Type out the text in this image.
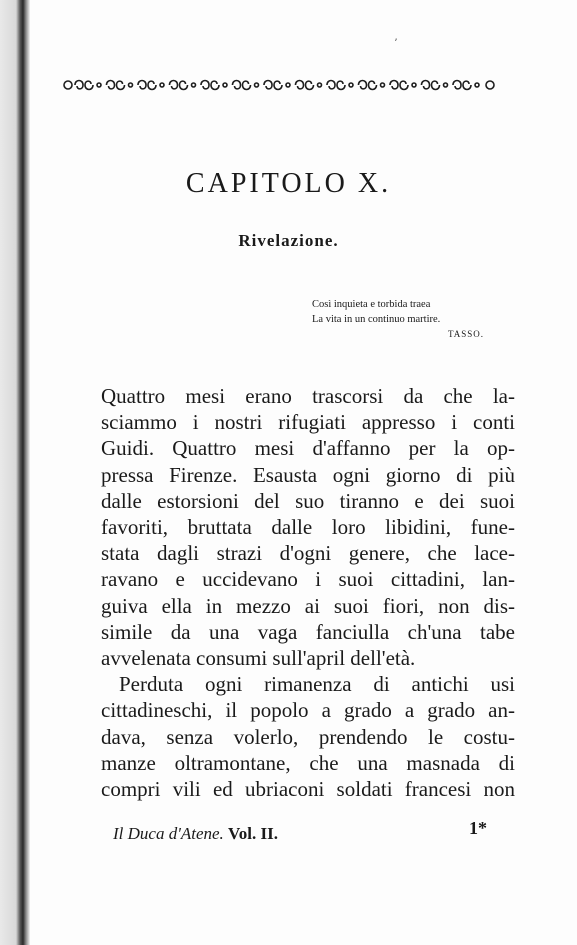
ʼ
CAPITOLO X.
Rivelazione.
Così inquieta e torbida traea
La vita in un continuo martire.
TASSO.
Quattro mesi erano trascorsi da che la-
sciammo i nostri rifugiati appresso i conti
Guidi. Quattro mesi d'affanno per la op-
pressa Firenze. Esausta ogni giorno di più
dalle estorsioni del suo tiranno e dei suoi
favoriti, bruttata dalle loro libidini, fune-
stata dagli strazi d'ogni genere, che lace-
ravano e uccidevano i suoi cittadini, lan-
guiva ella in mezzo ai suoi fiori, non dis-
simile da una vaga fanciulla ch'una tabe
avvelenata consumi sull'april dell'età.
Perduta ogni rimanenza di antichi usi
cittadineschi, il popolo a grado a grado an-
dava, senza volerlo, prendendo le costu-
manze oltramontane, che una masnada di
compri vili ed ubriaconi soldati francesi non
Il Duca d'Atene. Vol. II.	1*
